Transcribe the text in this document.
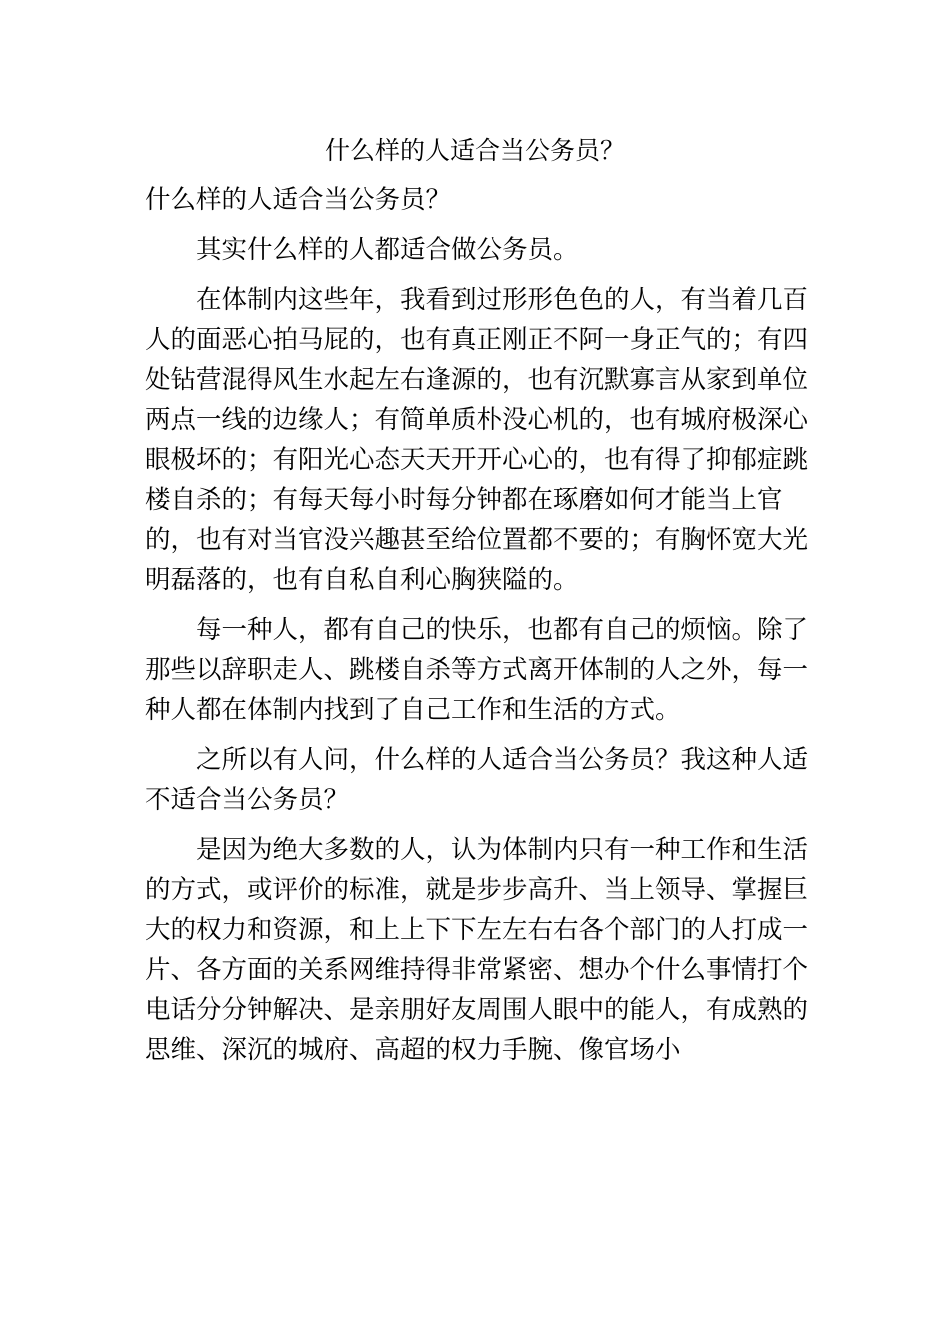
什么样的人适合当公务员？

什么样的人适合当公务员？

其实什么样的人都适合做公务员。

在体制内这些年，我看到过形形色色的人，有当着几百人的面恶心拍马屁的，也有真正刚正不阿一身正气的；有四处钻营混得风生水起左右逢源的，也有沉默寡言从家到单位两点一线的边缘人；有简单质朴没心机的，也有城府极深心眼极坏的；有阳光心态天天开开心心的，也有得了抑郁症跳楼自杀的；有每天每小时每分钟都在琢磨如何才能当上官的，也有对当官没兴趣甚至给位置都不要的；有胸怀宽大光明磊落的，也有自私自利心胸狭隘的。

每一种人，都有自己的快乐，也都有自己的烦恼。除了那些以辞职走人、跳楼自杀等方式离开体制的人之外，每一种人都在体制内找到了自己工作和生活的方式。

之所以有人问，什么样的人适合当公务员？我这种人适不适合当公务员？

是因为绝大多数的人，认为体制内只有一种工作和生活的方式，或评价的标准，就是步步高升、当上领导、掌握巨大的权力和资源，和上上下下左左右右各个部门的人打成一片、各方面的关系网维持得非常紧密、想办个什么事情打个电话分分钟解决、是亲朋好友周围人眼中的能人，有成熟的思维、深沉的城府、高超的权力手腕、像官场小
